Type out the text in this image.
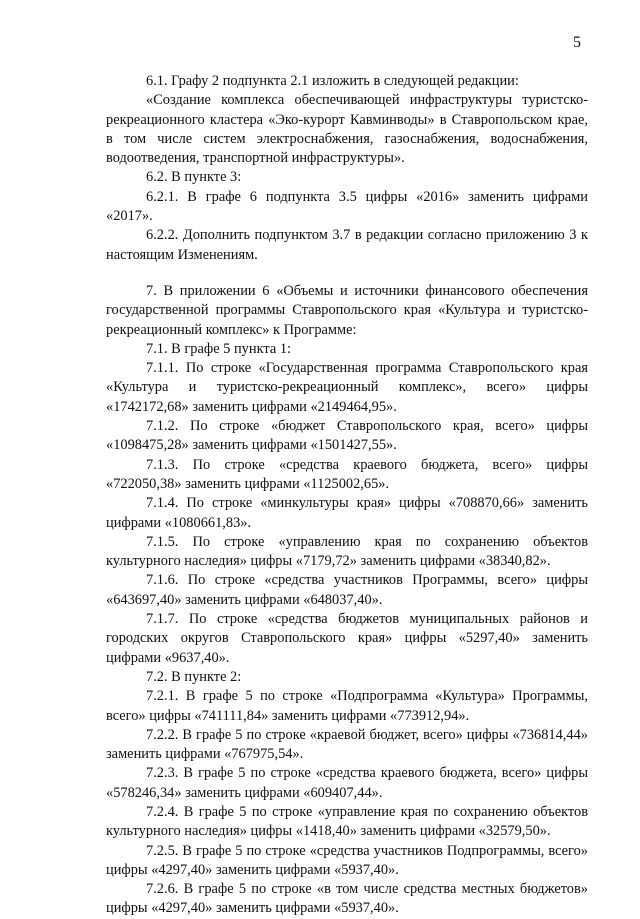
5

6.1. Графу 2 подпункта 2.1 изложить в следующей редакции:

«Создание комплекса обеспечивающей инфраструктуры туристско-рекреационного кластера «Эко-курорт Кавминводы» в Ставропольском крае, в том числе систем электроснабжения, газоснабжения, водоснабжения, водоотведения, транспортной инфраструктуры».

6.2. В пункте 3:

6.2.1. В графе 6 подпункта 3.5 цифры «2016» заменить цифрами «2017».

6.2.2. Дополнить подпунктом 3.7 в редакции согласно приложению 3 к настоящим Изменениям.

7. В приложении 6 «Объемы и источники финансового обеспечения государственной программы Ставропольского края «Культура и туристско-рекреационный комплекс» к Программе:

7.1. В графе 5 пункта 1:

7.1.1. По строке «Государственная программа Ставропольского края «Культура и туристско-рекреационный комплекс», всего» цифры «1742172,68» заменить цифрами «2149464,95».

7.1.2. По строке «бюджет Ставропольского края, всего» цифры «1098475,28» заменить цифрами «1501427,55».

7.1.3. По строке «средства краевого бюджета, всего» цифры «722050,38» заменить цифрами «1125002,65».

7.1.4. По строке «минкультуры края» цифры «708870,66» заменить цифрами «1080661,83».

7.1.5. По строке «управлению края по сохранению объектов культурного наследия» цифры «7179,72» заменить цифрами «38340,82».

7.1.6. По строке «средства участников Программы, всего» цифры «643697,40» заменить цифрами «648037,40».

7.1.7. По строке «средства бюджетов муниципальных районов и городских округов Ставропольского края» цифры «5297,40» заменить цифрами «9637,40».

7.2. В пункте 2:

7.2.1. В графе 5 по строке «Подпрограмма «Культура» Программы, всего» цифры «741111,84» заменить цифрами «773912,94».

7.2.2. В графе 5 по строке «краевой бюджет, всего» цифры «736814,44» заменить цифрами «767975,54».

7.2.3. В графе 5 по строке «средства краевого бюджета, всего» цифры «578246,34» заменить цифрами «609407,44».

7.2.4. В графе 5 по строке «управление края по сохранению объектов культурного наследия» цифры «1418,40» заменить цифрами «32579,50».

7.2.5. В графе 5 по строке «средства участников Подпрограммы, всего» цифры «4297,40» заменить цифрами «5937,40».

7.2.6. В графе 5 по строке «в том числе средства местных бюджетов» цифры «4297,40» заменить цифрами «5937,40».
